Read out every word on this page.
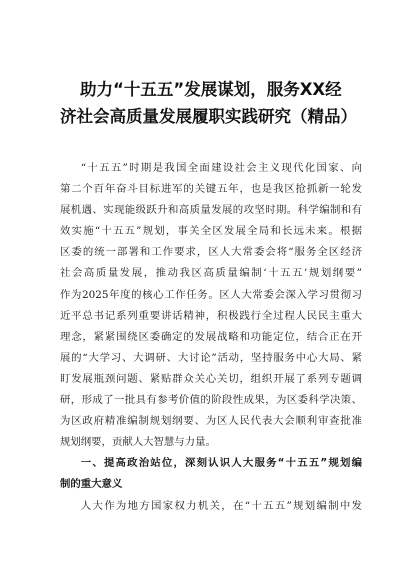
助力“十五五”发展谋划，服务XX经
济社会高质量发展履职实践研究（精品）

“十五五”时期是我国全面建设社会主义现代化国家、向
第二个百年奋斗目标进军的关键五年，也是我区抢抓新一轮发
展机遇、实现能级跃升和高质量发展的攻坚时期。科学编制和有
效实施“十五五”规划，事关全区发展全局和长远未来。根据
区委的统一部署和工作要求，区人大常委会将“服务全区经济
社会高质量发展，推动我区高质量编制‘十五五’规划纲要”
作为2025年度的核心工作任务。区人大常委会深入学习贯彻习
近平总书记系列重要讲话精神，积极践行全过程人民民主重大
理念，紧紧围绕区委确定的发展战略和功能定位，结合正在开
展的“大学习、大调研、大讨论”活动，坚持服务中心大局、紧
盯发展瓶颈问题、紧贴群众关心关切，组织开展了系列专题调
研，形成了一批具有参考价值的阶段性成果，为区委科学决策、
为区政府精准编制规划纲要、为区人民代表大会顺利审查批准
规划纲要，贡献人大智慧与力量。

一、提高政治站位，深刻认识人大服务“十五五”规划编
制的重大意义

人大作为地方国家权力机关，在“十五五”规划编制中发
